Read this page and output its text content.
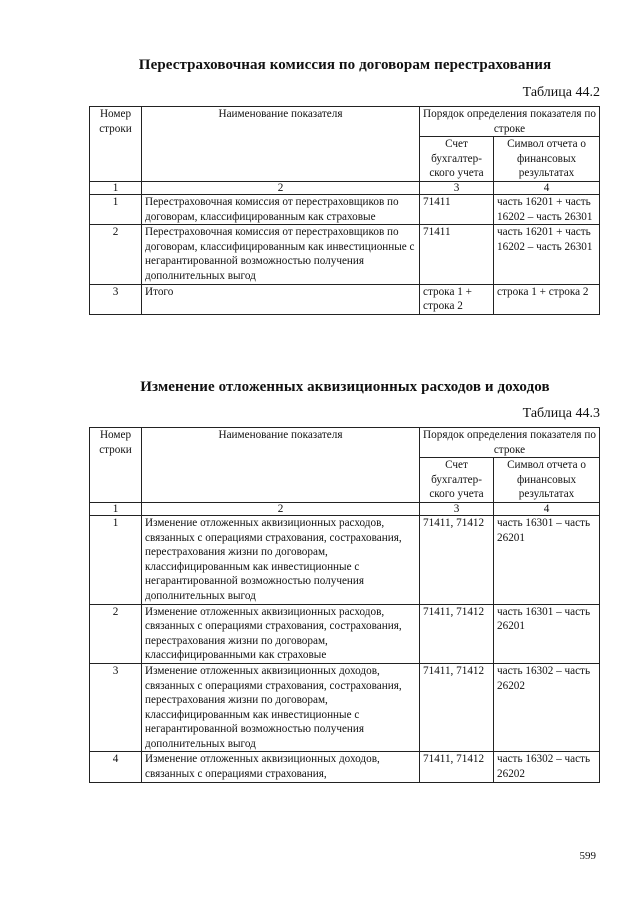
Перестраховочная комиссия по договорам перестрахования
Таблица 44.2
Номер строки	Наименование показателя	Порядок определения показателя по строке	
		Счет бухгалтер-ского учета	Символ отчета о финансовых результатах
1	2	3	4
1	Перестраховочная комиссия от перестраховщиков по договорам, классифицированным как страховые	71411	часть 16201 + часть 16202 – часть 26301
2	Перестраховочная комиссия от перестраховщиков по договорам, классифицированным как инвестиционные с негарантированной возможностью получения дополнительных выгод	71411	часть 16201 + часть 16202 – часть 26301
3	Итого	строка 1 + строка 2	строка 1 + строка 2
Изменение отложенных аквизиционных расходов и доходов
Таблица 44.3
Номер строки	Наименование показателя	Порядок определения показателя по строке	
		Счет бухгалтер-ского учета	Символ отчета о финансовых результатах
1	2	3	4
1	Изменение отложенных аквизиционных расходов, связанных с операциями страхования, сострахования, перестрахования жизни по договорам, классифицированным как инвестиционные с негарантированной возможностью получения дополнительных выгод	71411, 71412	часть 16301 – часть 26201
2	Изменение отложенных аквизиционных расходов, связанных с операциями страхования, сострахования, перестрахования жизни по договорам, классифицированными как страховые	71411, 71412	часть 16301 – часть 26201
3	Изменение отложенных аквизиционных доходов, связанных с операциями страхования, сострахования, перестрахования жизни по договорам, классифицированным как инвестиционные с негарантированной возможностью получения дополнительных выгод	71411, 71412	часть 16302 – часть 26202
4	Изменение отложенных аквизиционных доходов, связанных с операциями страхования,	71411, 71412	часть 16302 – часть 26202
599
